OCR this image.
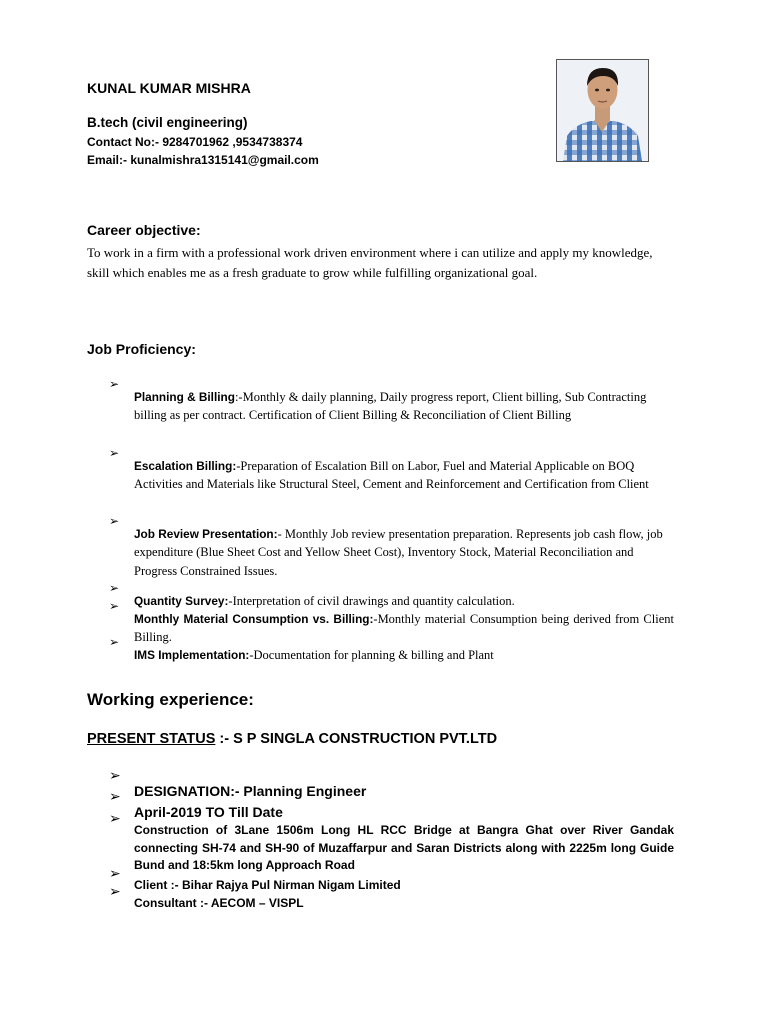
KUNAL KUMAR MISHRA

B.tech (civil engineering)

Contact No:- 9284701962 ,9534738374

Email:- kunalmishra1315141@gmail.com

Career objective:

To work in a firm with a professional work driven environment where i can utilize and apply my knowledge, skill which enables me as a fresh graduate to grow while fulfilling organizational goal.

Job Proficiency:

➢

Planning & Billing:-Monthly & daily planning, Daily progress report, Client billing, Sub Contracting billing as per contract. Certification of Client Billing & Reconciliation of Client Billing

➢

Escalation Billing:-Preparation of Escalation Bill on Labor, Fuel and Material Applicable on BOQ Activities and Materials like Structural Steel, Cement and Reinforcement and Certification from Client

➢

Job Review Presentation:- Monthly Job review presentation preparation. Represents job cash flow, job expenditure (Blue Sheet Cost and Yellow Sheet Cost), Inventory Stock, Material Reconciliation and Progress Constrained Issues.

➢

Quantity Survey:-Interpretation of civil drawings and quantity calculation.

➢

Monthly Material Consumption vs. Billing:-Monthly material Consumption being derived from Client Billing.

➢

IMS Implementation:-Documentation for planning & billing and Plant

Working experience:

PRESENT STATUS :- S P SINGLA CONSTRUCTION PVT.LTD

➢

DESIGNATION:- Planning Engineer

➢

April-2019 TO Till Date

➢

Construction of 3Lane 1506m Long HL RCC Bridge at Bangra Ghat over River Gandak connecting SH-74 and SH-90 of Muzaffarpur and Saran Districts along with 2225m long Guide Bund and 18:5km long Approach Road

➢

Client :- Bihar Rajya Pul Nirman Nigam Limited

➢

Consultant :- AECOM – VISPL
